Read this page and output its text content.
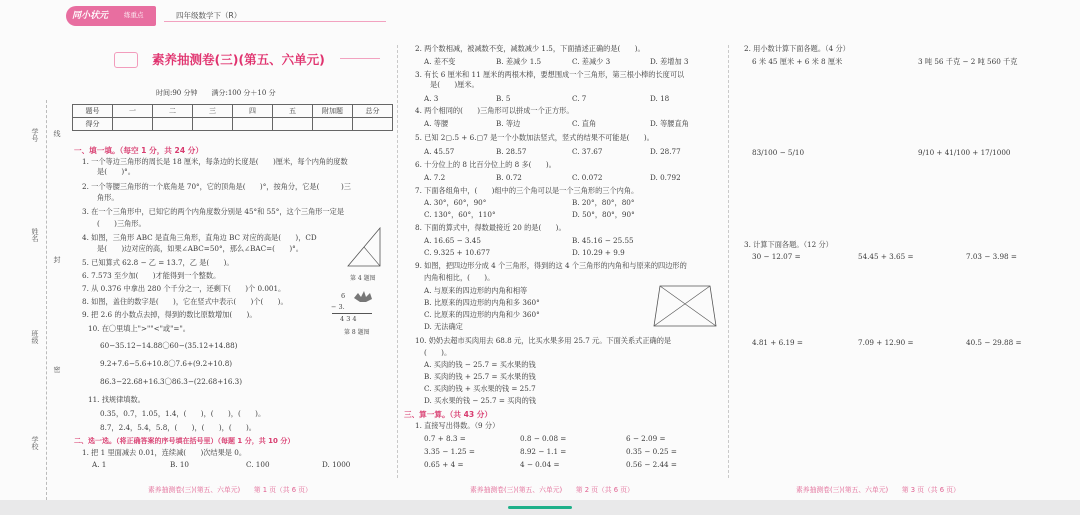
同小状元 练重点	四年级数学下（R）
素养抽测卷(三)(第五、六单元)
时间:90 分钟　　满分:100 分＋10 分
题号	一	二	三	四	五	附加题	总分
得分							
学号 线
姓名
封
班级
密
学校
一、填一填。（每空 1 分，共 24 分）
1. 一个等边三角形的周长是 18 厘米，每条边的长度是(　　)厘米，每个内角的度数
是(　　)°。
2. 一个等腰三角形的一个底角是 70°，它的顶角是(　　)°，按角分，它是(　　　)三
角形。
3. 在一个三角形中，已知它的两个内角度数分别是 45°和 55°，这个三角形一定是
(　　)三角形。
4. 如图，三角形 ABC 是直角三角形，直角边 BC 对应的高是(　　)，CD
是(　　)边对应的高，如果∠ABC=50°，那么∠BAC=(　　)°。
5. 已知算式 62.8 − 乙 = 13.7，乙 是(　　)。
6. 7.573 至少加(　　)才能得到一个整数。
7. 从 0.376 中拿出 280 个千分之一，还剩下(　　)个 0.001。
8. 如图，盖住的数字是(　　)，它在竖式中表示(　　)个(　　)。
9. 把 2.6 的小数点去掉，得到的数比原数增加(　　)。
10. 在〇里填上">""<"或"="。
60−35.12−14.88〇60−(35.12+14.88)
9.2+7.6−5.6+10.8〇7.6+(9.2+10.8)
86.3−22.68+16.3〇86.3−(22.68+16.3)
11. 找规律填数。
0.35，0.7，1.05，1.4，(　　)，(　　)，(　　)。
8.7，2.4，5.4，5.8，(　　)，(　　)，(　　)。
二、选一选。（将正确答案的序号填在括号里）（每题 1 分，共 10 分）
1. 把 1 里面减去 0.01，连续减(　　)次结果是 0。
A. 1	B. 10	C. 100	D. 1000
第 4 题图
6
− 3.
4 3 4
第 8 题图
2. 两个数相减，被减数不变，减数减少 1.5，下面描述正确的是(　　)。
A. 差不变	B. 差减少 1.5	C. 差减少 3	D. 差增加 3
3. 有长 6 厘米和 11 厘米的两根木棒，要想围成一个三角形，第三根小棒的长度可以
是(　　)厘米。
A. 3	B. 5	C. 7	D. 18
4. 两个相同的(　　)三角形可以拼成一个正方形。
A. 等腰	B. 等边	C. 直角	D. 等腰直角
5. 已知 2▢.5 + 6.▢7 是一个小数加法竖式，竖式的结果不可能是(　　)。
A. 45.57	B. 28.57	C. 37.67	D. 28.77
6. 十分位上的 8 比百分位上的 8 多(　　)。
A. 7.2	B. 0.72	C. 0.072	D. 0.792
7. 下面各组角中，(　　)组中的三个角可以是一个三角形的三个内角。
A. 30°，60°，90°	B. 20°，80°，80°
C. 130°，60°，110°	D. 50°，80°，90°
8. 下面的算式中，得数最接近 20 的是(　　)。
A. 16.65 − 3.45	B. 45.16 − 25.55
C. 9.325 + 10.677	D. 10.29 + 9.9
9. 如图，把四边形分成 4 个三角形，得到的这 4 个三角形的内角和与原来的四边形的
内角和相比，(　　)。
A. 与原来的四边形的内角和相等
B. 比原来的四边形的内角和多 360°
C. 比原来的四边形的内角和少 360°
D. 无法确定
10. 奶奶去超市买肉用去 68.8 元，比买水果多用 25.7 元。下面关系式正确的是
(　　)。
A. 买肉的钱 − 25.7 = 买水果的钱
B. 买肉的钱 + 25.7 = 买水果的钱
C. 买肉的钱 + 买水果的钱 = 25.7
D. 买水果的钱 − 25.7 = 买肉的钱
三、算一算。（共 43 分）
1. 直接写出得数。（9 分）
0.7 + 8.3 =	0.8 − 0.08 =	6 − 2.09 =
3.35 − 1.25 =	8.92 − 1.1 =	0.35 − 0.25 =
0.65 + 4 =	4 − 0.04 =	0.56 − 2.44 =
2. 用小数计算下面各题。（4 分）
6 米 45 厘米 + 6 米 8 厘米	3 吨 56 千克 − 2 吨 560 千克
83/100 − 5/10	9/10 + 41/100 + 17/1000
3. 计算下面各题。（12 分）
30 − 12.07 =	54.45 + 3.65 =	7.03 − 3.98 =
4.81 + 6.19 =	7.09 + 12.90 =	40.5 − 29.88 =
素养抽测卷(三)(第五、六单元)　　第 1 页（共 6 页）	素养抽测卷(三)(第五、六单元)　　第 2 页（共 6 页）	素养抽测卷(三)(第五、六单元)　　第 3 页（共 6 页）
